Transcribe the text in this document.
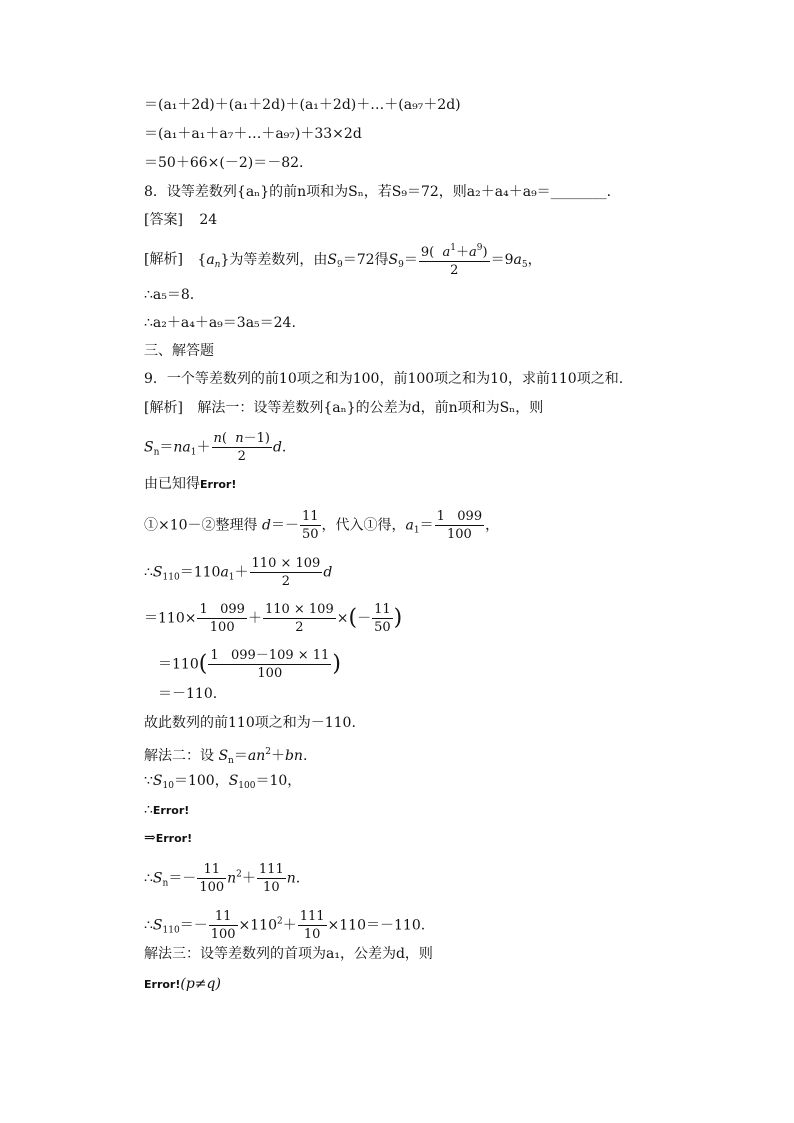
＝(a₁＋2d)＋(a₁＋2d)＋(a₁＋2d)＋…＋(a₉₇＋2d)
＝(a₁＋a₁＋a₇＋…＋a₉₇)＋33×2d
＝50＋66×(－2)＝－82.
8．设等差数列{aₙ}的前n项和为Sₙ，若S₉＝72，则a₂＋a₄＋a₉＝________.
[答案] 24
[解析] $\{a_n\}$为等差数列，由$S_9=72$得$S_9= \frac{9( a^1+a^9)}{2} =9a_5$，
∴a₅＝8.
∴a₂＋a₄＋a₉＝3a₅＝24.
三、解答题
9．一个等差数列的前10项之和为100，前100项之和为10，求前110项之和.
[解析] 解法一：设等差数列{aₙ}的公差为d，前n项和为Sₙ，则
$S_n=na_1+ \frac{n( n-1)}{2} d$.
由已知得Error!
①×10－②整理得 $d=- \frac{11}{50}$ ，代入①得，$a_1= \frac{1 099}{100}$ ，
$\therefore S_{110}=110a_1+ \frac{110 \times 109}{2}$ d
$=110\times \frac{1 099}{100} + \frac{110 \times 109}{2}$ ×(－ $\frac{11}{50}$ )
$=110( \frac{1 099-109 \times 11}{100}$ )
＝－110.
故此数列的前110项之和为－110.
解法二：设 $S_n=an^2+bn$.
$\because S_{10}=100$，$S_{100}=10$，
∴Error!
⇒Error!
$\therefore S_n=- \frac{11}{100} n^2+ \frac{111}{10} n$.
$\therefore S_{110}=- \frac{11}{100} \times 110^2+ \frac{111}{10} \times 110=-110$.
解法三：设等差数列的首项为a₁，公差为d，则
Error!(p≠q)
